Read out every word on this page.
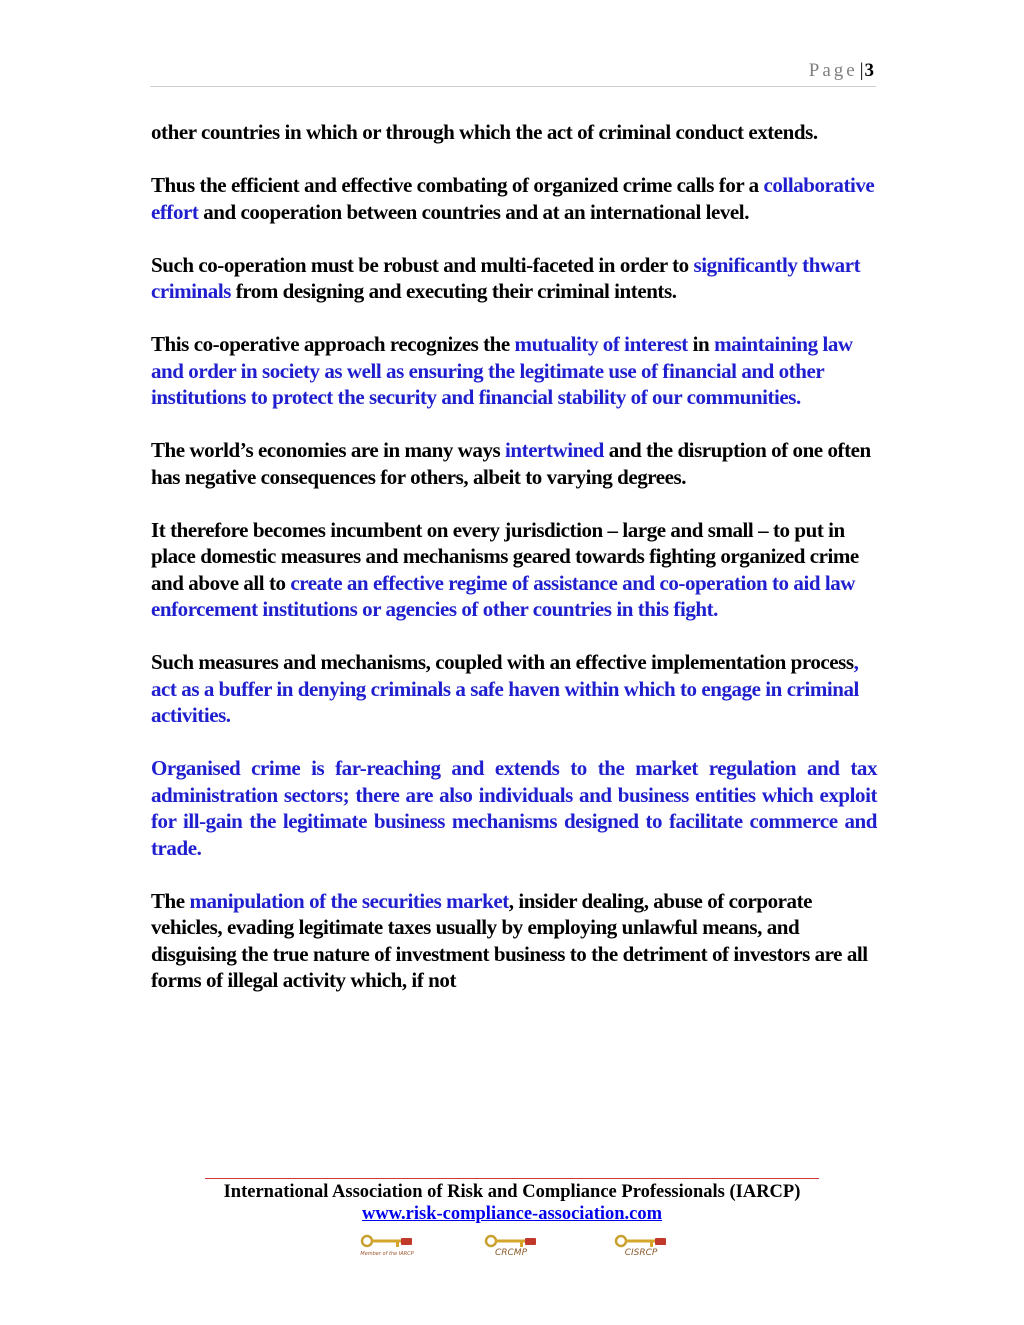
Page |3

other countries in which or through which the act of criminal conduct extends.

Thus the efficient and effective combating of organized crime calls for a collaborative effort and cooperation between countries and at an international level.

Such co-operation must be robust and multi-faceted in order to significantly thwart criminals from designing and executing their criminal intents.

This co-operative approach recognizes the mutuality of interest in maintaining law and order in society as well as ensuring the legitimate use of financial and other institutions to protect the security and financial stability of our communities.

The world’s economies are in many ways intertwined and the disruption of one often has negative consequences for others, albeit to varying degrees.

It therefore becomes incumbent on every jurisdiction – large and small – to put in place domestic measures and mechanisms geared towards fighting organized crime and above all to create an effective regime of assistance and co-operation to aid law enforcement institutions or agencies of other countries in this fight.

Such measures and mechanisms, coupled with an effective implementation process, act as a buffer in denying criminals a safe haven within which to engage in criminal activities.

Organised crime is far-reaching and extends to the market regulation and tax administration sectors; there are also individuals and business entities which exploit for ill-gain the legitimate business mechanisms designed to facilitate commerce and trade.

The manipulation of the securities market, insider dealing, abuse of corporate vehicles, evading legitimate taxes usually by employing unlawful means, and disguising the true nature of investment business to the detriment of investors are all forms of illegal activity which, if not

International Association of Risk and Compliance Professionals (IARCP)
www.risk-compliance-association.com
Member of the IARCP	CRCMP	CISRCP
